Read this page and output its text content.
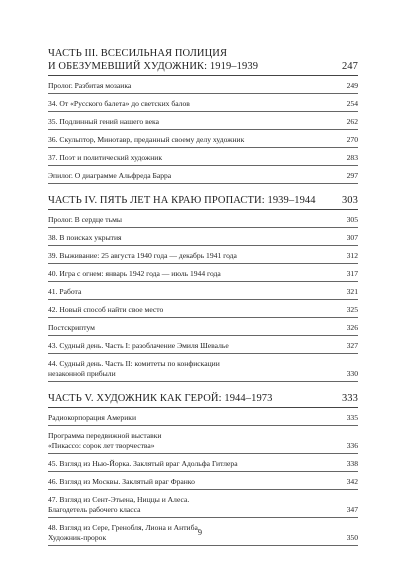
ЧАСТЬ III. ВСЕСИЛЬНАЯ ПОЛИЦИЯ
И ОБЕЗУМЕВШИЙ ХУДОЖНИК: 1919–1939	247
Пролог. Разбитая мозаика	249
34. От «Русского балета» до светских балов	254
35. Подлинный гений нашего века	262
36. Скульптор, Минотавр, преданный своему делу художник	270
37. Поэт и политический художник	283
Эпилог. О диаграмме Альфреда Барра	297
ЧАСТЬ IV. ПЯТЬ ЛЕТ НА КРАЮ ПРОПАСТИ: 1939–1944	303
Пролог. В сердце тьмы	305
38. В поисках укрытия	307
39. Выживание: 25 августа 1940 года — декабрь 1941 года	312
40. Игра с огнем: январь 1942 года — июль 1944 года	317
41. Работа	321
42. Новый способ найти свое место	325
Постскриптум	326
43. Судный день. Часть I: разоблачение Эмиля Шевалье	327
44. Судный день. Часть II: комитеты по конфискации
незаконной прибыли	330
ЧАСТЬ V. ХУДОЖНИК КАК ГЕРОЙ: 1944–1973	333
Радиокорпорация Америки	335
Программа передвижной выставки
«Пикассо: сорок лет творчества»	336
45. Взгляд из Нью-Йорка. Заклятый враг Адольфа Гитлера	338
46. Взгляд из Москвы. Заклятый враг Франко	342
47. Взгляд из Сент-Этьена, Ниццы и Алеса.
Благодетель рабочего класса	347
48. Взгляд из Сере, Гренобля, Лиона и Антиба.
Художник-пророк	350
9
